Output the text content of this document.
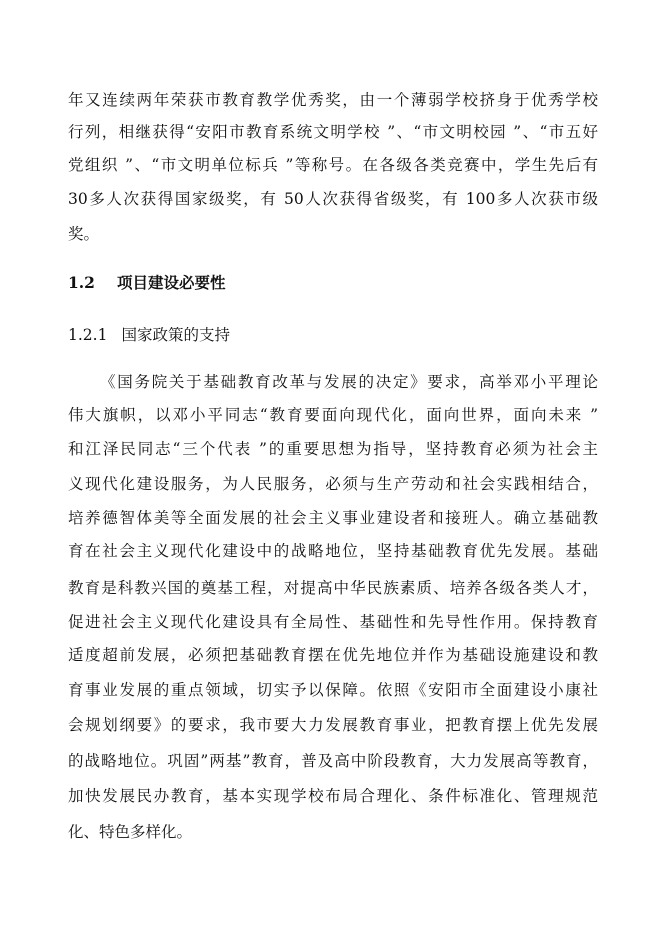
年又连续两年荣获市教育教学优秀奖，由一个薄弱学校挤身于优秀学校
行列，相继获得“安阳市教育系统文明学校 ”、“市文明校园 ”、“市五好
党组织 ”、“市文明单位标兵 ”等称号。在各级各类竞赛中，学生先后有
30多人次获得国家级奖，有 50人次获得省级奖，有 100多人次获市级
奖。
1.2 项目建设必要性
1.2.1 国家政策的支持
《国务院关于基础教育改革与发展的决定》要求，高举邓小平理论
伟大旗帜，以邓小平同志“教育要面向现代化，面向世界，面向未来 ”
和江泽民同志“三个代表 ”的重要思想为指导，坚持教育必须为社会主
义现代化建设服务，为人民服务，必须与生产劳动和社会实践相结合，
培养德智体美等全面发展的社会主义事业建设者和接班人。确立基础教
育在社会主义现代化建设中的战略地位，坚持基础教育优先发展。基础
教育是科教兴国的奠基工程，对提高中华民族素质、培养各级各类人才，
促进社会主义现代化建设具有全局性、基础性和先导性作用。保持教育
适度超前发展，必须把基础教育摆在优先地位并作为基础设施建设和教
育事业发展的重点领域，切实予以保障。依照《安阳市全面建设小康社
会规划纲要》的要求，我市要大力发展教育事业，把教育摆上优先发展
的战略地位。巩固”两基”教育，普及高中阶段教育，大力发展高等教育，
加快发展民办教育，基本实现学校布局合理化、条件标准化、管理规范
化、特色多样化。
